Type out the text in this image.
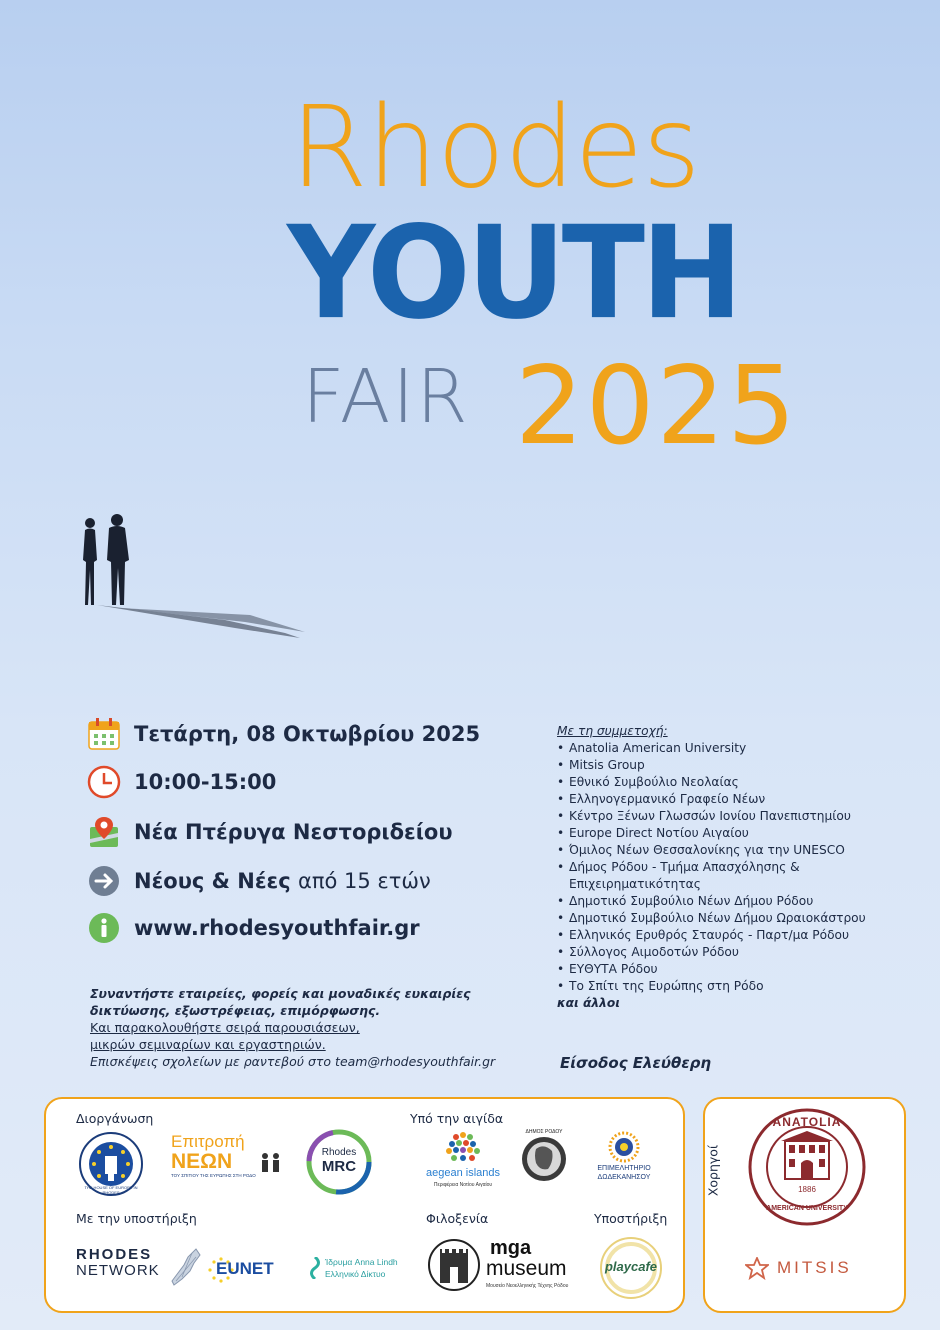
Rhodes
YOUTH
FAIR 2025
Τετάρτη, 08 Οκτωβρίου 2025
10:00-15:00
Νέα Πτέρυγα Νεστοριδείου
Νέους & Νέες από 15 ετών
www.rhodesyouthfair.gr

Συναντήστε εταιρείες, φορείς και μοναδικές ευκαιρίες

δικτύωσης, εξωστρέφειας, επιμόρφωσης.

Και παρακολουθήστε σειρά παρουσιάσεων,

μικρών σεμιναρίων και εργαστηριών.

Επισκέψεις σχολείων με ραντεβού στο team@rhodesyouthfair.gr

Με τη συμμετοχή:
• Anatolia American University
• Mitsis Group
• Εθνικό Συμβούλιο Νεολαίας
• Ελληνογερμανικό Γραφείο Νέων
• Κέντρο Ξένων Γλωσσών Ιονίου Πανεπιστημίου
• Europe Direct Νοτίου Αιγαίου
• Όμιλος Νέων Θεσσαλονίκης για την UNESCO
• Δήμος Ρόδου - Τμήμα Απασχόλησης & Επιχειρηματικότητας
• Δημοτικό Συμβούλιο Νέων Δήμου Ρόδου
• Δημοτικό Συμβούλιο Νέων Δήμου Ωραιοκάστρου
• Ελληνικός Ερυθρός Σταυρός - Παρτ/μα Ρόδου
• Σύλλογος Αιμοδοτών Ρόδου
• ΕΥΘΥΤΑ Ρόδου
• Το Σπίτι της Ευρώπης στη Ρόδο
και άλλοι
Είσοδος Ελεύθερη
Διοργάνωση	Υπό την αιγίδα
Με την υποστήριξη	Φιλοξενία	Υποστήριξη
THE HOUSE OF EUROPE IN RHODES
Επιτροπή
ΝΕΩΝ
ΤΟΥ ΣΠΙΤΙΟΥ ΤΗΣ ΕΥΡΩΠΗΣ ΣΤΗ ΡΟΔΟ
Rhodes
MRC	aegean islands
Περιφέρεια Νοτίου Αιγαίου
ΔΗΜΟΣ ΡΟΔΟΥ
ΕΠΙΜΕΛΗΤΗΡΙΟ
ΔΩΔΕΚΑΝΗΣΟΥ
RHODES
NETWORK	EUNET	Ίδρυμα Anna Lindh
Ελληνικό Δίκτυο
mga
museum
Μουσείο Νεοελληνικής Τέχνης Ρόδου
playcafe
Χορηγοί
ANATOLIA
1886
AMERICAN UNIVERSITY
MITSIS
